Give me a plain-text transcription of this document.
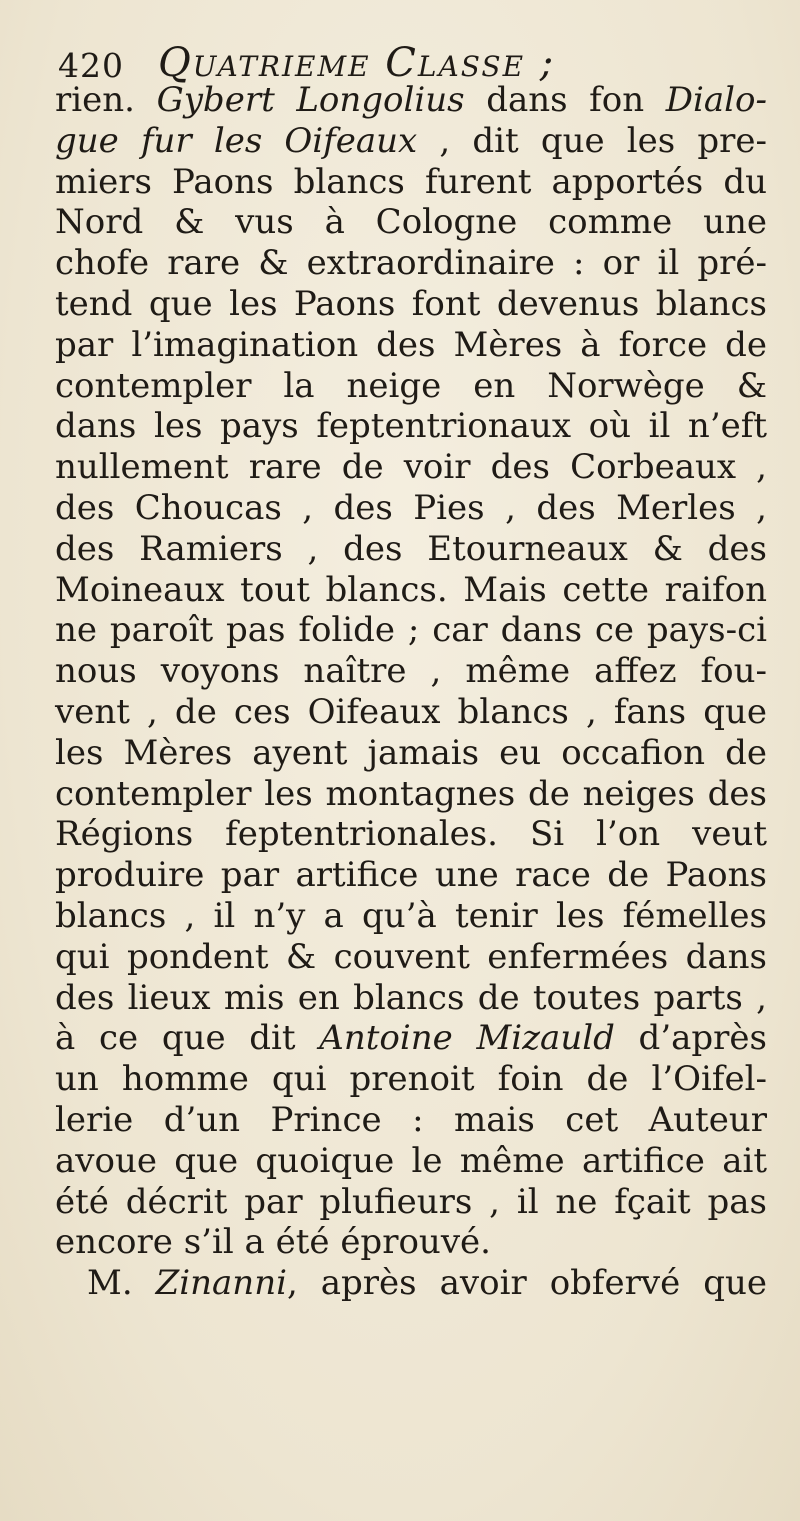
420 Quatrieme Classe ;
rien. Gybert Longolius dans fon Dialo-
gue fur les Oifeaux , dit que les pre-
miers Paons blancs furent apportés du
Nord & vus à Cologne comme une
chofe rare & extraordinaire : or il pré-
tend que les Paons font devenus blancs
par l’imagination des Mères à force de
contempler la neige en Norwège &
dans les pays feptentrionaux où il n’eft
nullement rare de voir des Corbeaux ,
des Choucas , des Pies , des Merles ,
des Ramiers , des Etourneaux & des
Moineaux tout blancs. Mais cette raifon
ne paroît pas folide ; car dans ce pays-ci
nous voyons naître , même affez fou-
vent , de ces Oifeaux blancs , fans que
les Mères ayent jamais eu occafion de
contempler les montagnes de neiges des
Régions feptentrionales. Si l’on veut
produire par artifice une race de Paons
blancs , il n’y a qu’à tenir les fémelles
qui pondent & couvent enfermées dans
des lieux mis en blancs de toutes parts ,
à ce que dit Antoine Mizauld d’après
un homme qui prenoit foin de l’Oifel-
lerie d’un Prince : mais cet Auteur
avoue que quoique le même artifice ait
été décrit par plufieurs , il ne fçait pas
encore s’il a été éprouvé.
M. Zinanni, après avoir obfervé que
